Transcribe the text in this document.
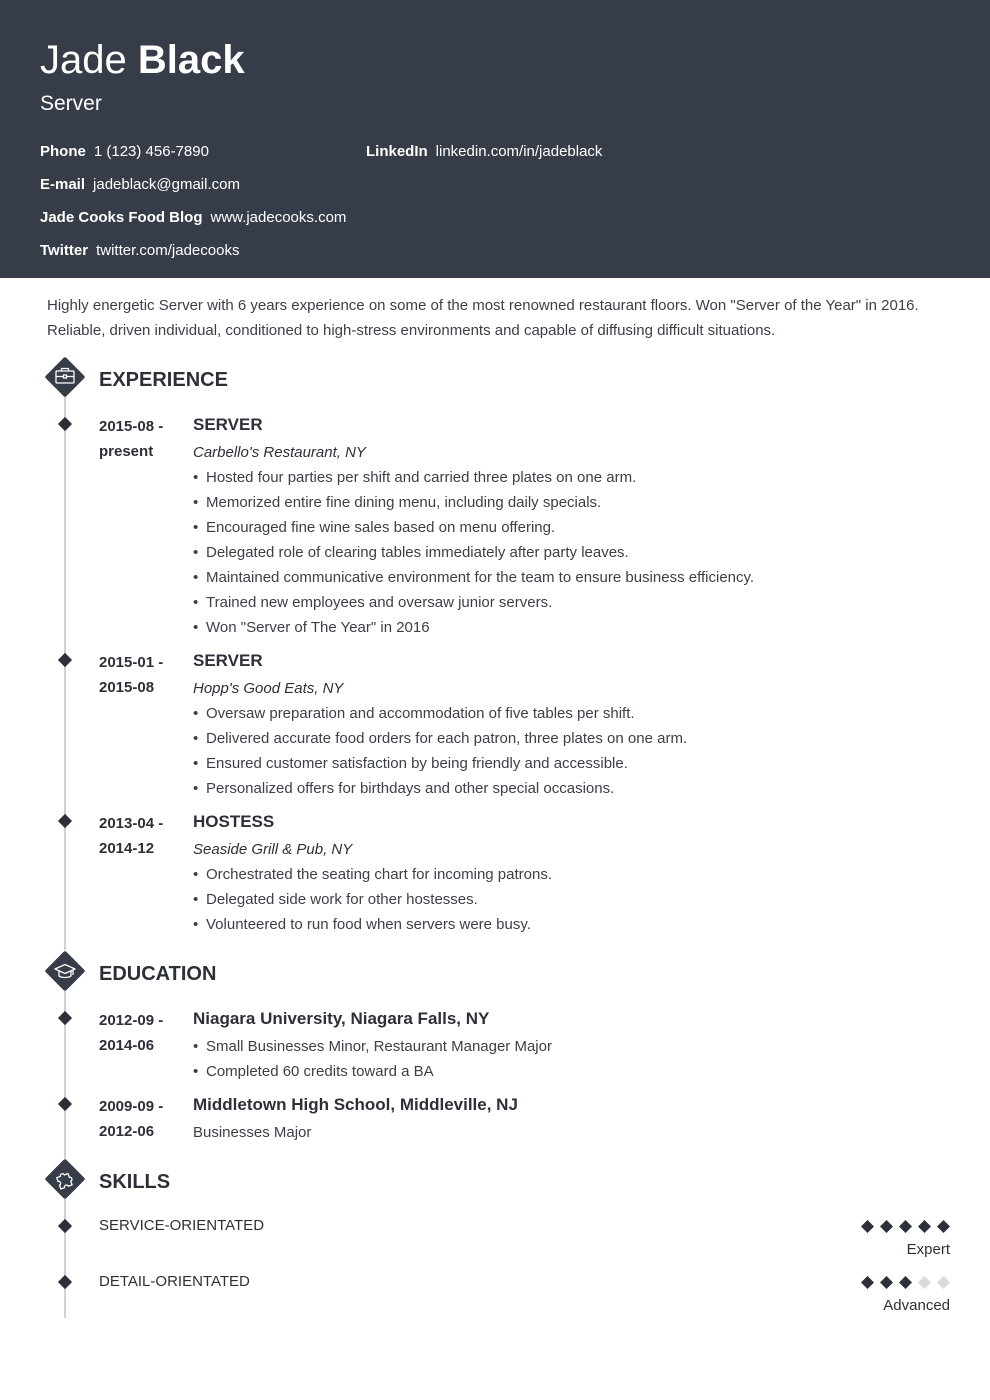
Jade Black
Server
Phone 1 (123) 456-7890	LinkedIn linkedin.com/in/jadeblack
E-mail jadeblack@gmail.com
Jade Cooks Food Blog www.jadecooks.com
Twitter twitter.com/jadecooks
Highly energetic Server with 6 years experience on some of the most renowned restaurant floors. Won "Server of the Year" in 2016. Reliable, driven individual, conditioned to high-stress environments and capable of diffusing difficult situations.
EXPERIENCE
2015-08 -
present
SERVER
Carbello's Restaurant, NY
• Hosted four parties per shift and carried three plates on one arm.
• Memorized entire fine dining menu, including daily specials.
• Encouraged fine wine sales based on menu offering.
• Delegated role of clearing tables immediately after party leaves.
• Maintained communicative environment for the team to ensure business efficiency.
• Trained new employees and oversaw junior servers.
• Won "Server of The Year" in 2016
2015-01 -
2015-08
SERVER
Hopp's Good Eats, NY
• Oversaw preparation and accommodation of five tables per shift.
• Delivered accurate food orders for each patron, three plates on one arm.
• Ensured customer satisfaction by being friendly and accessible.
• Personalized offers for birthdays and other special occasions.
2013-04 -
2014-12
HOSTESS
Seaside Grill & Pub, NY
• Orchestrated the seating chart for incoming patrons.
• Delegated side work for other hostesses.
• Volunteered to run food when servers were busy.
EDUCATION
2012-09 -
2014-06
Niagara University, Niagara Falls, NY
• Small Businesses Minor, Restaurant Manager Major
• Completed 60 credits toward a BA
2009-09 -
2012-06
Middletown High School, Middleville, NJ
Businesses Major
SKILLS
SERVICE-ORIENTATED
Expert
DETAIL-ORIENTATED
Advanced
